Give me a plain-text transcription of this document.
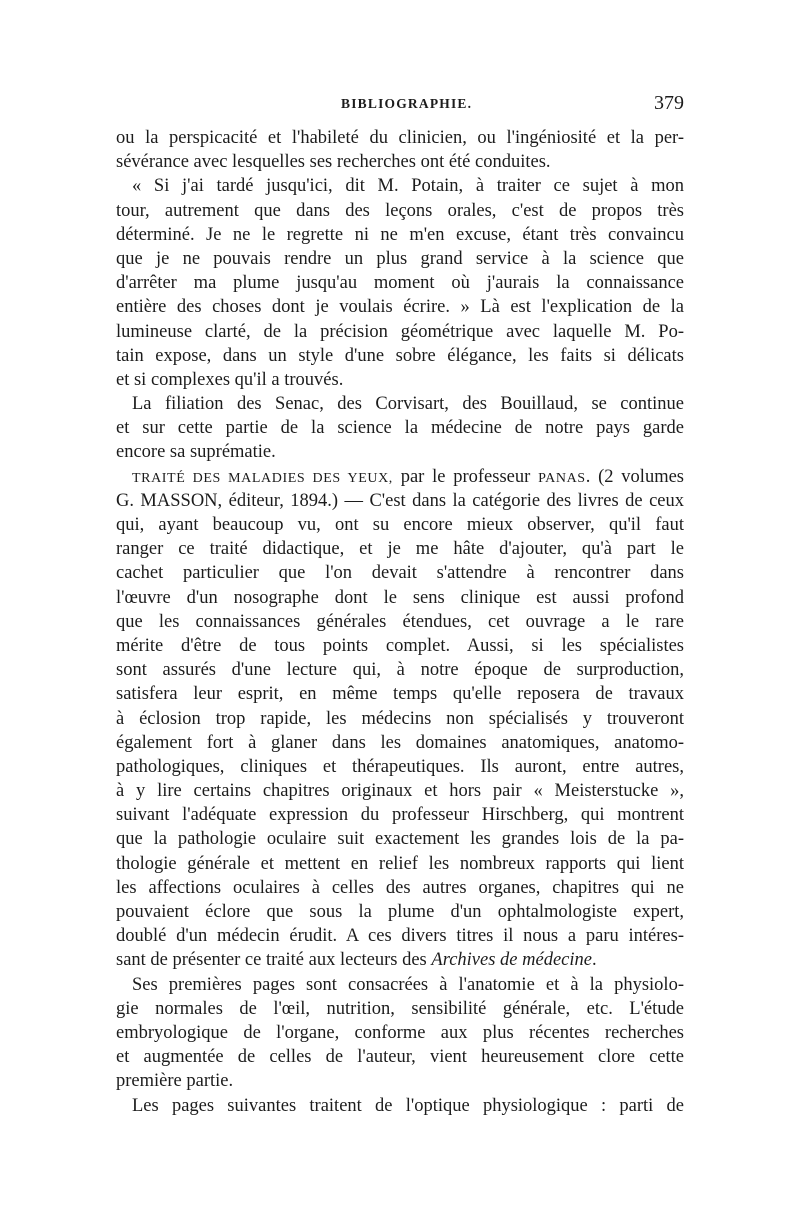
BIBLIOGRAPHIE.	379
ou la perspicacité et l'habileté du clinicien, ou l'ingéniosité et la per-
sévérance avec lesquelles ses recherches ont été conduites.
« Si j'ai tardé jusqu'ici, dit M. Potain, à traiter ce sujet à mon
tour, autrement que dans des leçons orales, c'est de propos très
déterminé. Je ne le regrette ni ne m'en excuse, étant très convaincu
que je ne pouvais rendre un plus grand service à la science que
d'arrêter ma plume jusqu'au moment où j'aurais la connaissance
entière des choses dont je voulais écrire. » Là est l'explication de la
lumineuse clarté, de la précision géométrique avec laquelle M. Po-
tain expose, dans un style d'une sobre élégance, les faits si délicats
et si complexes qu'il a trouvés.
La filiation des Senac, des Corvisart, des Bouillaud, se continue
et sur cette partie de la science la médecine de notre pays garde
encore sa suprématie.
TRAITÉ DES MALADIES DES YEUX, par le professeur PANAS. (2 volumes
G. MASSON, éditeur, 1894.) — C'est dans la catégorie des livres de ceux
qui, ayant beaucoup vu, ont su encore mieux observer, qu'il faut
ranger ce traité didactique, et je me hâte d'ajouter, qu'à part le
cachet particulier que l'on devait s'attendre à rencontrer dans
l'œuvre d'un nosographe dont le sens clinique est aussi profond
que les connaissances générales étendues, cet ouvrage a le rare
mérite d'être de tous points complet. Aussi, si les spécialistes
sont assurés d'une lecture qui, à notre époque de surproduction,
satisfera leur esprit, en même temps qu'elle reposera de travaux
à éclosion trop rapide, les médecins non spécialisés y trouveront
également fort à glaner dans les domaines anatomiques, anatomo-
pathologiques, cliniques et thérapeutiques. Ils auront, entre autres,
à y lire certains chapitres originaux et hors pair « Meisterstucke »,
suivant l'adéquate expression du professeur Hirschberg, qui montrent
que la pathologie oculaire suit exactement les grandes lois de la pa-
thologie générale et mettent en relief les nombreux rapports qui lient
les affections oculaires à celles des autres organes, chapitres qui ne
pouvaient éclore que sous la plume d'un ophtalmologiste expert,
doublé d'un médecin érudit. A ces divers titres il nous a paru intéres-
sant de présenter ce traité aux lecteurs des Archives de médecine.
Ses premières pages sont consacrées à l'anatomie et à la physiolo-
gie normales de l'œil, nutrition, sensibilité générale, etc. L'étude
embryologique de l'organe, conforme aux plus récentes recherches
et augmentée de celles de l'auteur, vient heureusement clore cette
première partie.
Les pages suivantes traitent de l'optique physiologique : parti de
